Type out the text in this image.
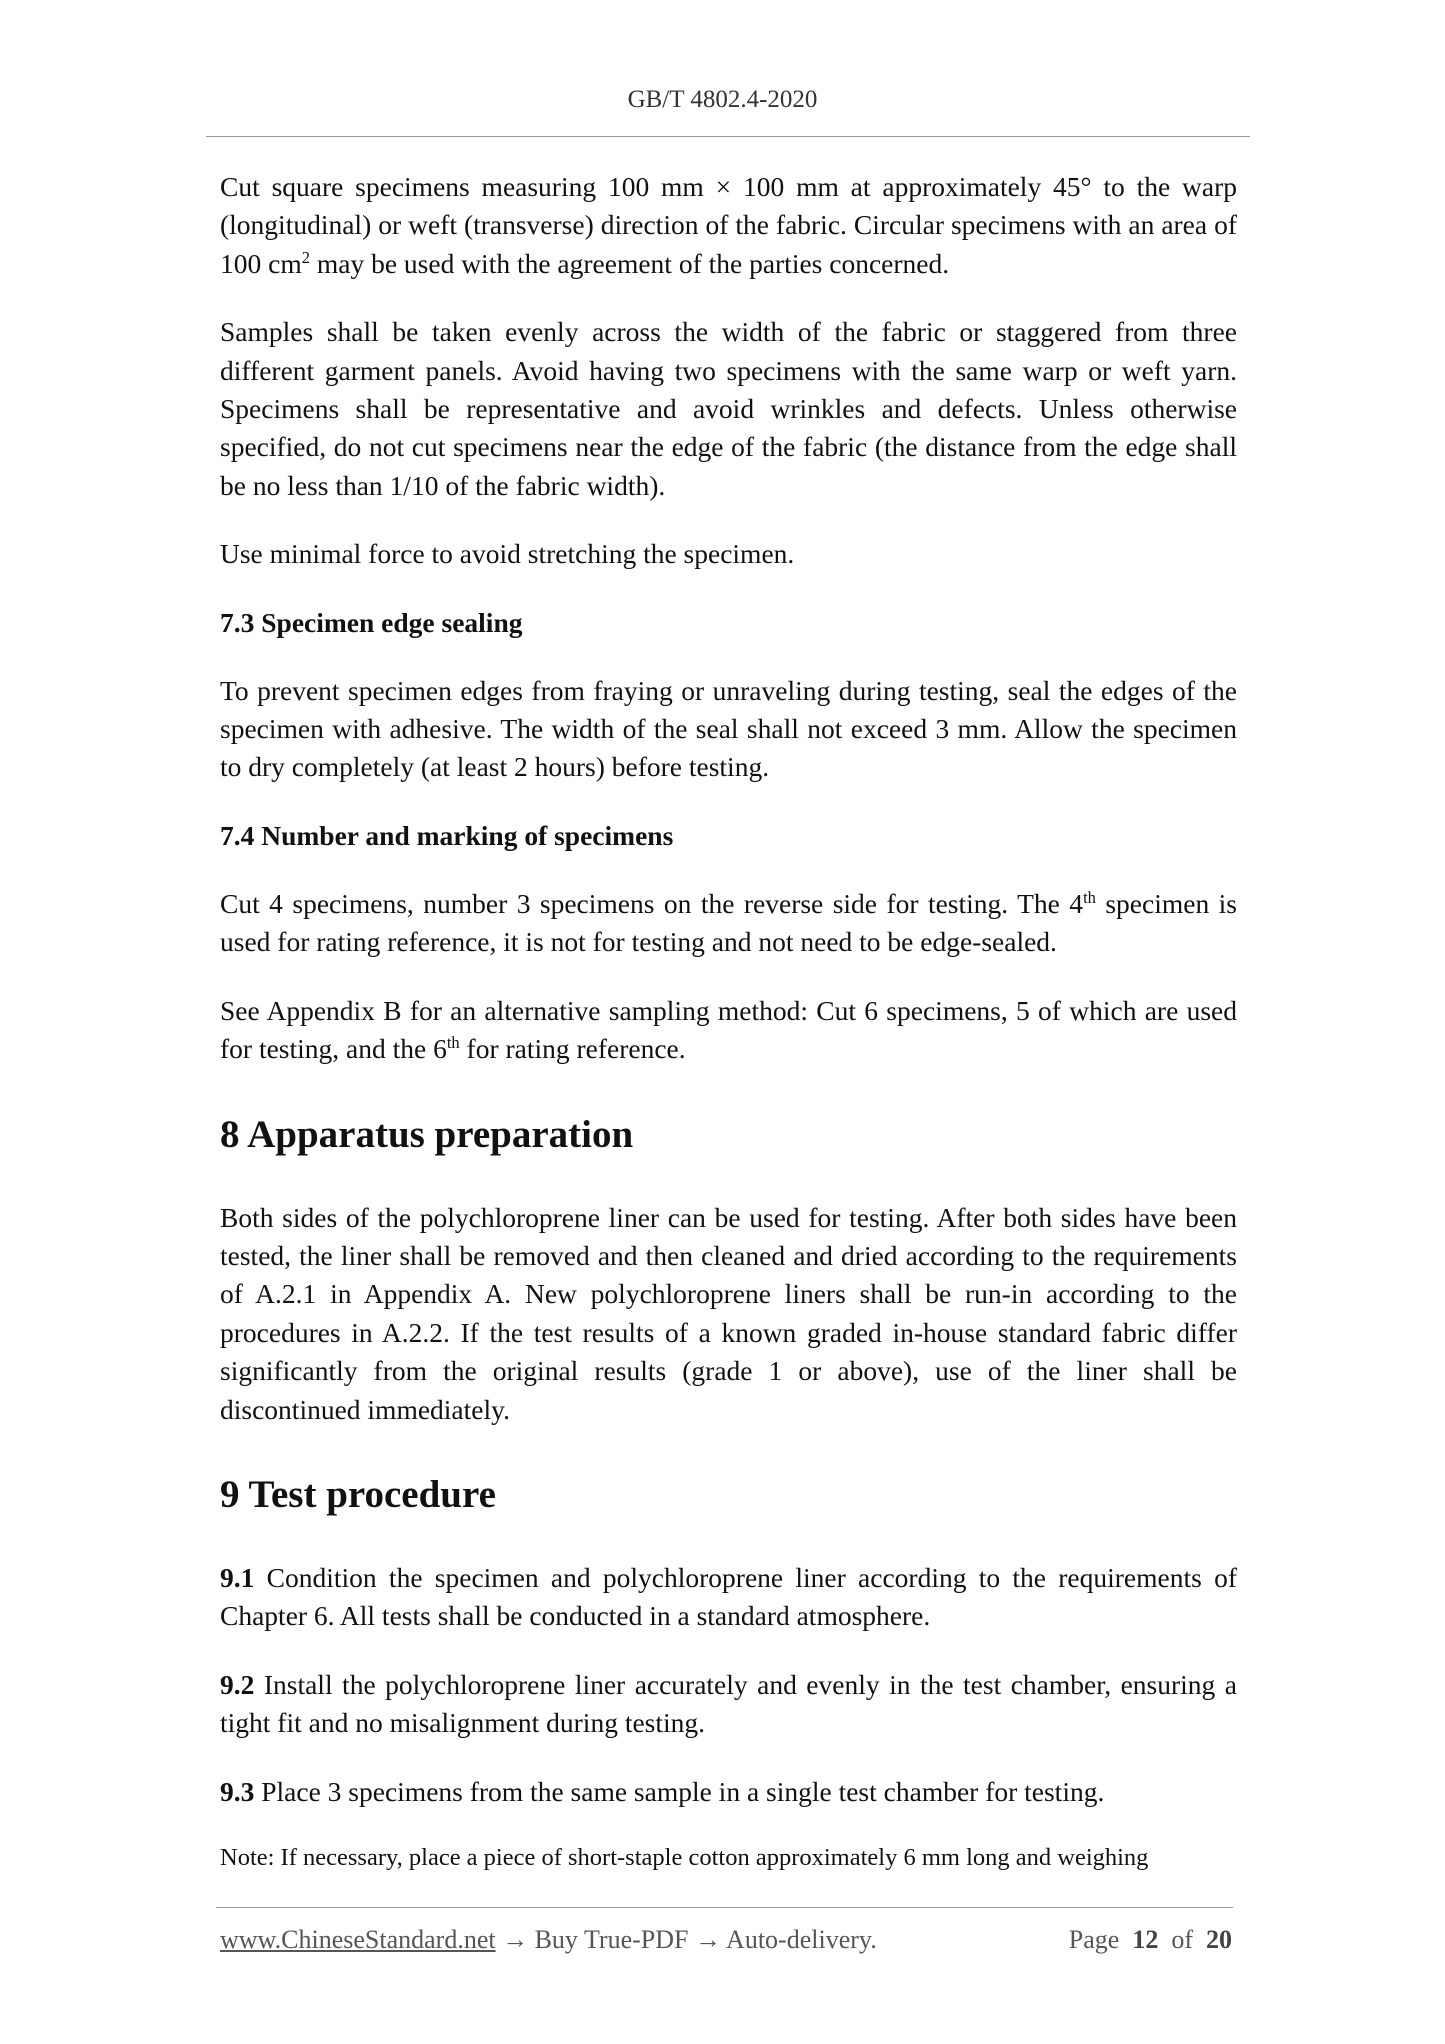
GB/T 4802.4-2020

Cut square specimens measuring 100 mm × 100 mm at approximately 45° to the warp (longitudinal) or weft (transverse) direction of the fabric. Circular specimens with an area of 100 $cm^2$ may be used with the agreement of the parties concerned.

Samples shall be taken evenly across the width of the fabric or staggered from three different garment panels. Avoid having two specimens with the same warp or weft yarn. Specimens shall be representative and avoid wrinkles and defects. Unless otherwise specified, do not cut specimens near the edge of the fabric (the distance from the edge shall be no less than 1/10 of the fabric width).

Use minimal force to avoid stretching the specimen.

7.3 Specimen edge sealing

To prevent specimen edges from fraying or unraveling during testing, seal the edges of the specimen with adhesive. The width of the seal shall not exceed 3 mm. Allow the specimen to dry completely (at least 2 hours) before testing.

7.4 Number and marking of specimens

Cut 4 specimens, number 3 specimens on the reverse side for testing. The 4th specimen is used for rating reference, it is not for testing and not need to be edge-sealed.

See Appendix B for an alternative sampling method: Cut 6 specimens, 5 of which are used for testing, and the 6th for rating reference.

8 Apparatus preparation

Both sides of the polychloroprene liner can be used for testing. After both sides have been tested, the liner shall be removed and then cleaned and dried according to the requirements of A.2.1 in Appendix A. New polychloroprene liners shall be run-in according to the procedures in A.2.2. If the test results of a known graded in-house standard fabric differ significantly from the original results (grade 1 or above), use of the liner shall be discontinued immediately.

9 Test procedure

9.1 Condition the specimen and polychloroprene liner according to the requirements of Chapter 6. All tests shall be conducted in a standard atmosphere.

9.2 Install the polychloroprene liner accurately and evenly in the test chamber, ensuring a tight fit and no misalignment during testing.

9.3 Place 3 specimens from the same sample in a single test chamber for testing.

Note: If necessary, place a piece of short-staple cotton approximately 6 mm long and weighing

www.ChineseStandard.net → Buy True-PDF → Auto-delivery.	Page 12 of 20
